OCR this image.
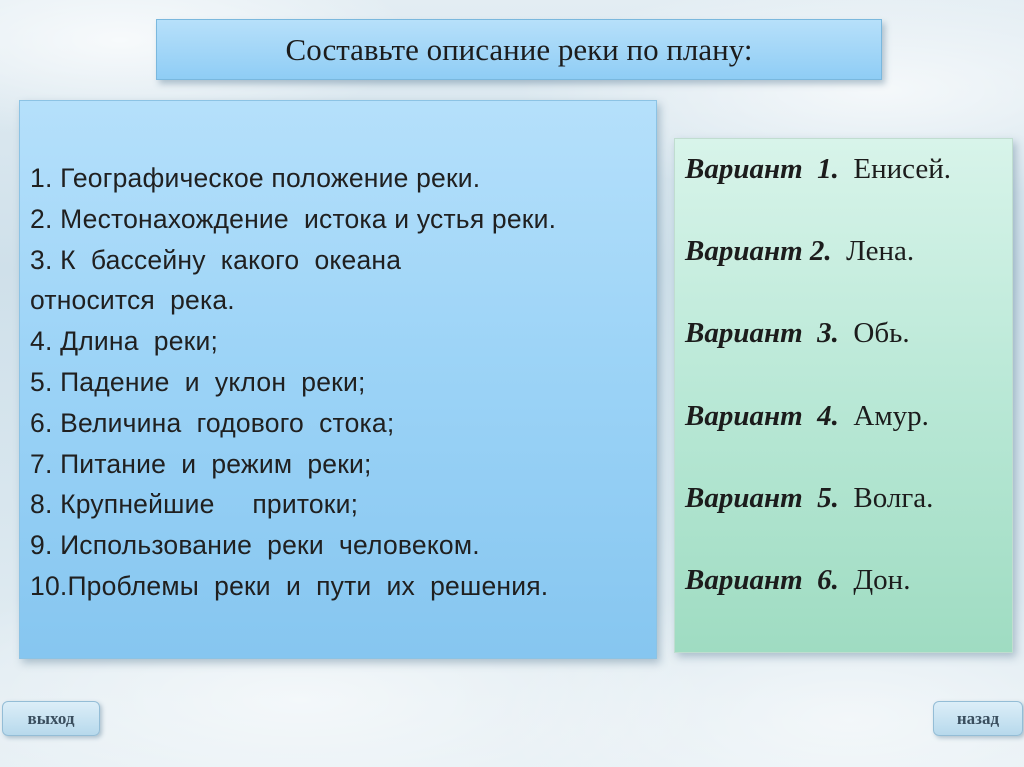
Составьте описание реки по плану:
1. Географическое положение реки.
2. Местонахождение  истока и устья реки.
3. К  бассейну  какого  океана
относится  река.
4. Длина  реки;
5. Падение  и  уклон  реки;
6. Величина  годового  стока;
7. Питание  и  режим  реки;
8. Крупнейшие     притоки;
9. Использование  реки  человеком.
10.Проблемы  реки  и  пути  их  решения.
Вариант  1. Енисей.
Вариант 2. Лена.
Вариант  3. Обь.
Вариант  4. Амур.
Вариант  5. Волга.
Вариант  6. Дон.
выход	назад
